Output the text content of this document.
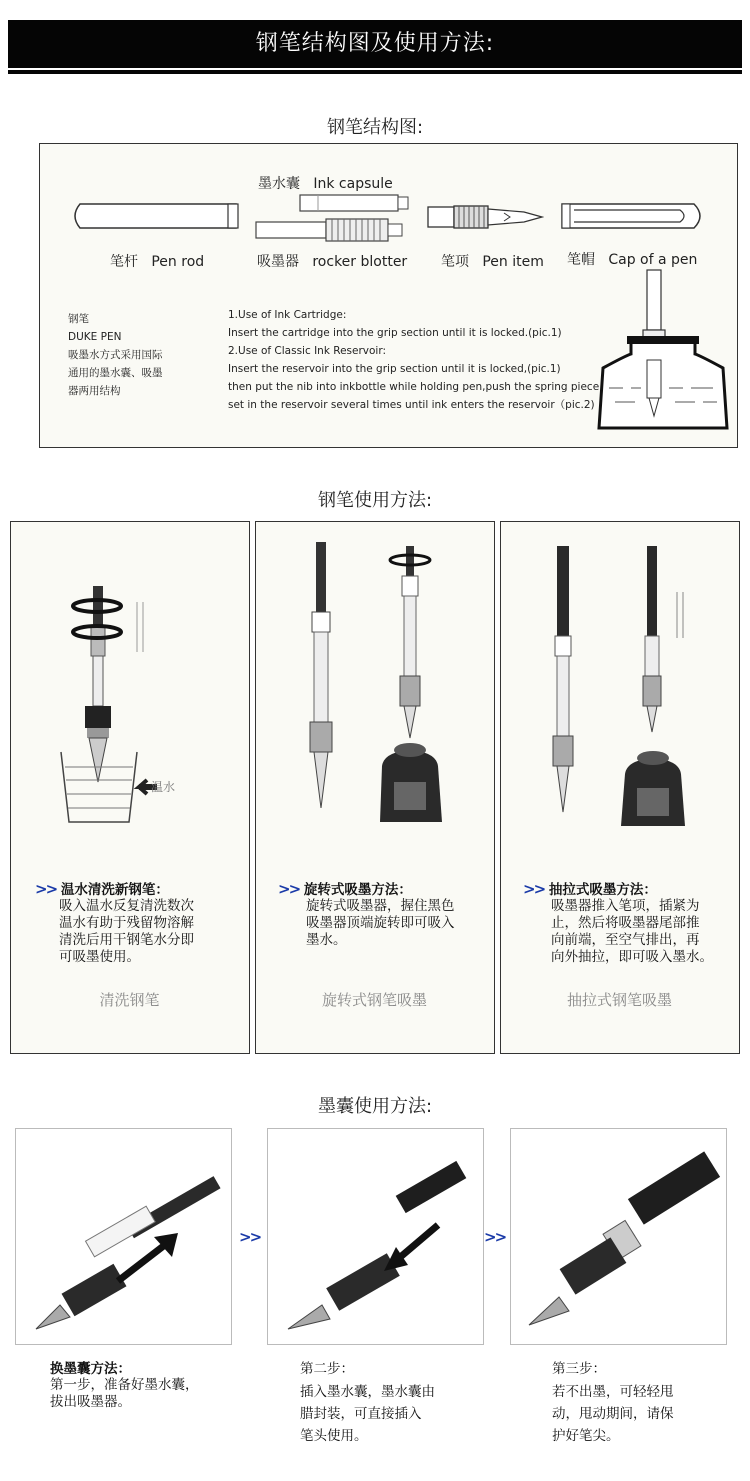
钢笔结构图及使用方法:
钢笔结构图:
墨水囊 Ink capsule
笔杆 Pen rod	吸墨器 rocker blotter 笔项 Pen item 笔帽 Cap of a pen
钢笔
DUKE PEN
吸墨水方式采用国际
通用的墨水囊、吸墨
器两用结构
1.Use of Ink Cartridge:
Insert the cartridge into the grip section until it is locked.(pic.1)
2.Use of Classic Ink Reservoir:
Insert the reservoir into the grip section until it is locked,(pic.1)
then put the nib into inkbottle while holding pen,push the spring piece
set in the reservoir several times until ink enters the reservoir（pic.2)
钢笔使用方法:
温水
>> 温水清洗新钢笔：
吸入温水反复清洗数次
温水有助于残留物溶解
清洗后用干钢笔水分即
可吸墨使用。
清洗钢笔
>> 旋转式吸墨方法：
旋转式吸墨器，握住黑色
吸墨器顶端旋转即可吸入
墨水。
旋转式钢笔吸墨
>> 抽拉式吸墨方法：
吸墨器推入笔项，插紧为
止，然后将吸墨器尾部推
向前端，至空气排出，再
向外抽拉，即可吸入墨水。
抽拉式钢笔吸墨
墨囊使用方法:
>>	>>
换墨囊方法：
第一步，准备好墨水囊，
拔出吸墨器。
第二步：
插入墨水囊，墨水囊由
腊封装，可直接插入
笔头使用。
第三步：
若不出墨，可轻轻甩
动，甩动期间，请保
护好笔尖。
